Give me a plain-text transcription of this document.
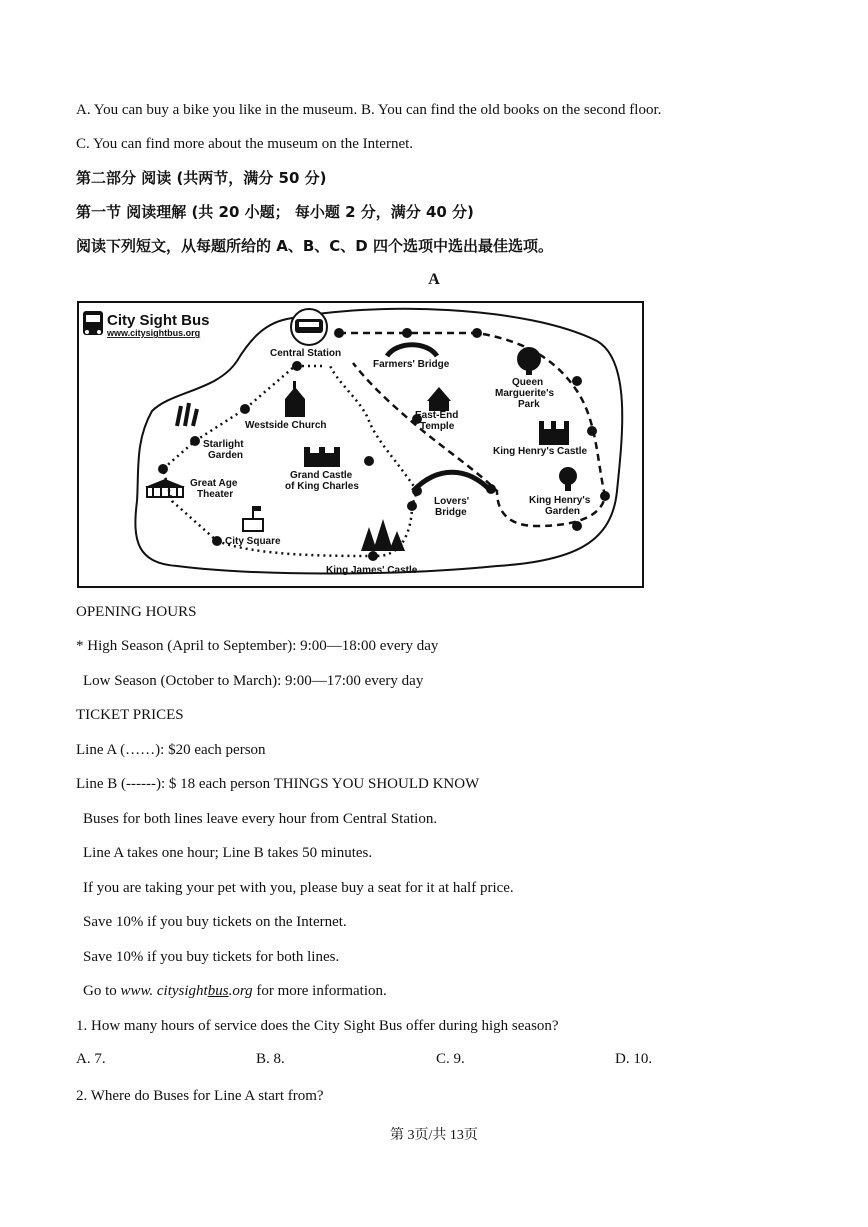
A. You can buy a bike you like in the museum. B. You can find the old books on the second floor.
C. You can find more about the museum on the Internet.
第二部分 阅读 (共两节，满分 50 分)
第一节 阅读理解 (共 20 小题； 每小题 2 分，满分 40 分)
阅读下列短文，从每题所给的 A、B、C、D 四个选项中选出最佳选项。
A
City Sight Bus
www.citysightbus.org
Central Station
Farmers' Bridge
Queen
Marguerite's
Park
East-End
Temple
Westside Church
Starlight
Garden	King Henry's Castle
Grand Castle
of King Charles
Great Age
Theater
Lovers'
Bridge
King Henry's
Garden
City Square
King James' Castle
OPENING HOURS
* High Season (April to September): 9:00—18:00 every day
Low Season (October to March): 9:00—17:00 every day
TICKET PRICES
Line A (……): $20 each person
Line B (------): $ 18 each person THINGS YOU SHOULD KNOW
Buses for both lines leave every hour from Central Station.
Line A takes one hour; Line B takes 50 minutes.
If you are taking your pet with you, please buy a seat for it at half price.
Save 10% if you buy tickets on the Internet.
Save 10% if you buy tickets for both lines.
Go to www. citysightbus.org for more information.
1. How many hours of service does the City Sight Bus offer during high season?
A. 7.	B. 8.	C. 9.	D. 10.
2. Where do Buses for Line A start from?
第 3页/共 13页
